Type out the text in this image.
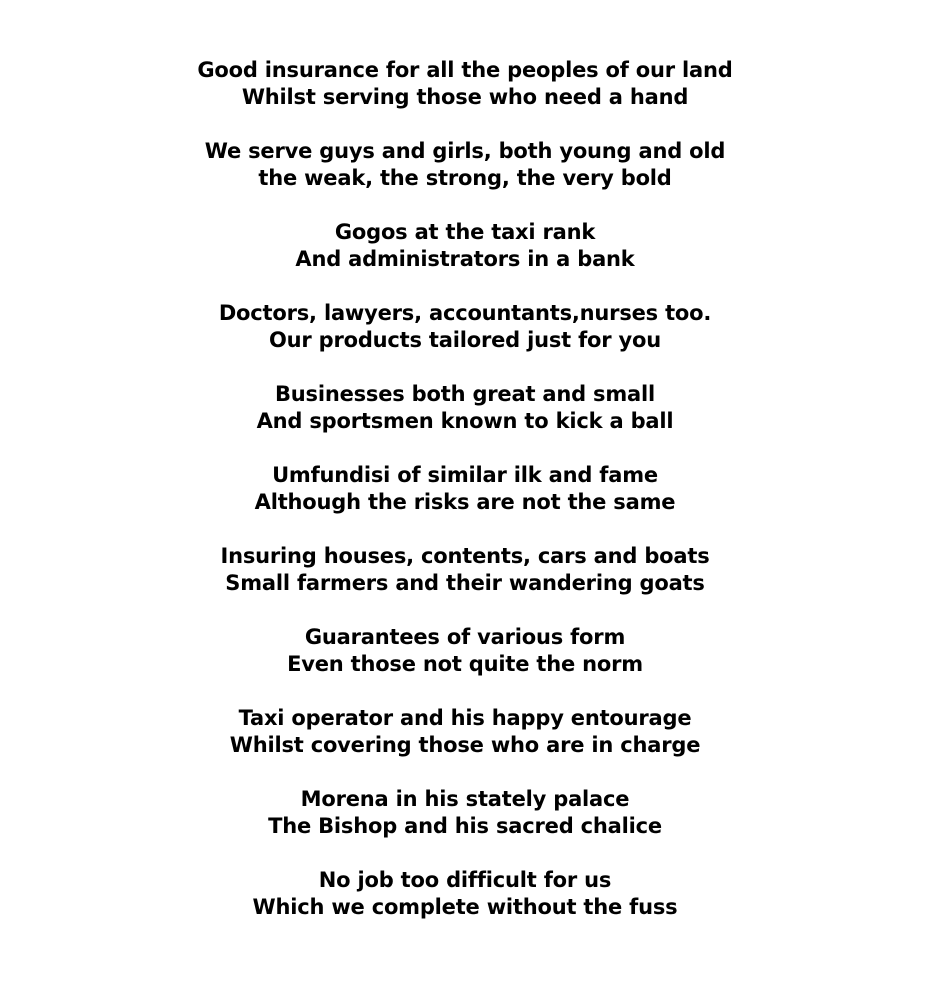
Good insurance for all the peoples of our land
Whilst serving those who need a hand
We serve guys and girls, both young and old
the weak, the strong, the very bold
Gogos at the taxi rank
And administrators in a bank
Doctors, lawyers, accountants,nurses too.
Our products tailored just for you
Businesses both great and small
And sportsmen known to kick a ball
Umfundisi of similar ilk and fame
Although the risks are not the same
Insuring houses, contents, cars and boats
Small farmers and their wandering goats
Guarantees of various form
Even those not quite the norm
Taxi operator and his happy entourage
Whilst covering those who are in charge
Morena in his stately palace
The Bishop and his sacred chalice
No job too difficult for us
Which we complete without the fuss
